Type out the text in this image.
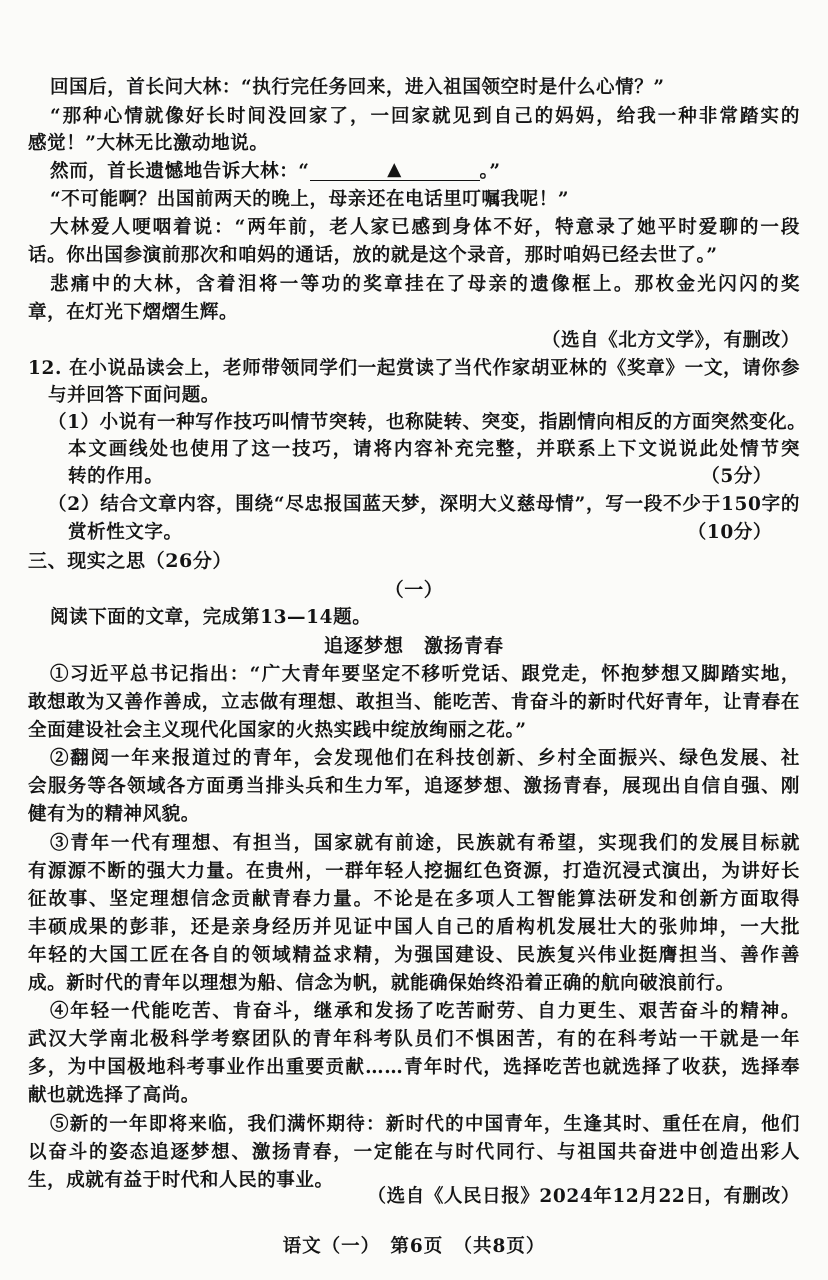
回国后，首长问大林：“执行完任务回来，进入祖国领空时是什么心情？”
“那种心情就像好长时间没回家了，一回家就见到自己的妈妈，给我一种非常踏实的
感觉！”大林无比激动地说。
然而，首长遗憾地告诉大林：“	▲	。”
“不可能啊？出国前两天的晚上，母亲还在电话里叮嘱我呢！”
大林爱人哽咽着说：“两年前，老人家已感到身体不好，特意录了她平时爱聊的一段
话。你出国参演前那次和咱妈的通话，放的就是这个录音，那时咱妈已经去世了。”
悲痛中的大林，含着泪将一等功的奖章挂在了母亲的遗像框上。那枚金光闪闪的奖
章，在灯光下熠熠生辉。
（选自《北方文学》，有删改）
12. 在小说品读会上，老师带领同学们一起赏读了当代作家胡亚林的《奖章》一文，请你参
与并回答下面问题。
（1）小说有一种写作技巧叫情节突转，也称陡转、突变，指剧情向相反的方面突然变化。
本文画线处也使用了这一技巧，请将内容补充完整，并联系上下文说说此处情节突
转的作用。	（5分）
（2）结合文章内容，围绕“尽忠报国蓝天梦，深明大义慈母情”，写一段不少于150字的
赏析性文字。	（10分）
三、现实之思（26分）
（一）
阅读下面的文章，完成第13—14题。
追逐梦想　激扬青春
①习近平总书记指出：“广大青年要坚定不移听党话、跟党走，怀抱梦想又脚踏实地，
敢想敢为又善作善成，立志做有理想、敢担当、能吃苦、肯奋斗的新时代好青年，让青春在
全面建设社会主义现代化国家的火热实践中绽放绚丽之花。”
②翻阅一年来报道过的青年，会发现他们在科技创新、乡村全面振兴、绿色发展、社
会服务等各领域各方面勇当排头兵和生力军，追逐梦想、激扬青春，展现出自信自强、刚
健有为的精神风貌。
③青年一代有理想、有担当，国家就有前途，民族就有希望，实现我们的发展目标就
有源源不断的强大力量。在贵州，一群年轻人挖掘红色资源，打造沉浸式演出，为讲好长
征故事、坚定理想信念贡献青春力量。不论是在多项人工智能算法研发和创新方面取得
丰硕成果的彭菲，还是亲身经历并见证中国人自己的盾构机发展壮大的张帅坤，一大批
年轻的大国工匠在各自的领域精益求精，为强国建设、民族复兴伟业挺膺担当、善作善
成。新时代的青年以理想为船、信念为帆，就能确保始终沿着正确的航向破浪前行。
④年轻一代能吃苦、肯奋斗，继承和发扬了吃苦耐劳、自力更生、艰苦奋斗的精神。
武汉大学南北极科学考察团队的青年科考队员们不惧困苦，有的在科考站一干就是一年
多，为中国极地科考事业作出重要贡献……青年时代，选择吃苦也就选择了收获，选择奉
献也就选择了高尚。
⑤新的一年即将来临，我们满怀期待：新时代的中国青年，生逢其时、重任在肩，他们
以奋斗的姿态追逐梦想、激扬青春，一定能在与时代同行、与祖国共奋进中创造出彩人
生，成就有益于时代和人民的事业。
（选自《人民日报》2024年12月22日，有删改）
语文（一）　第6页　（共8页）
